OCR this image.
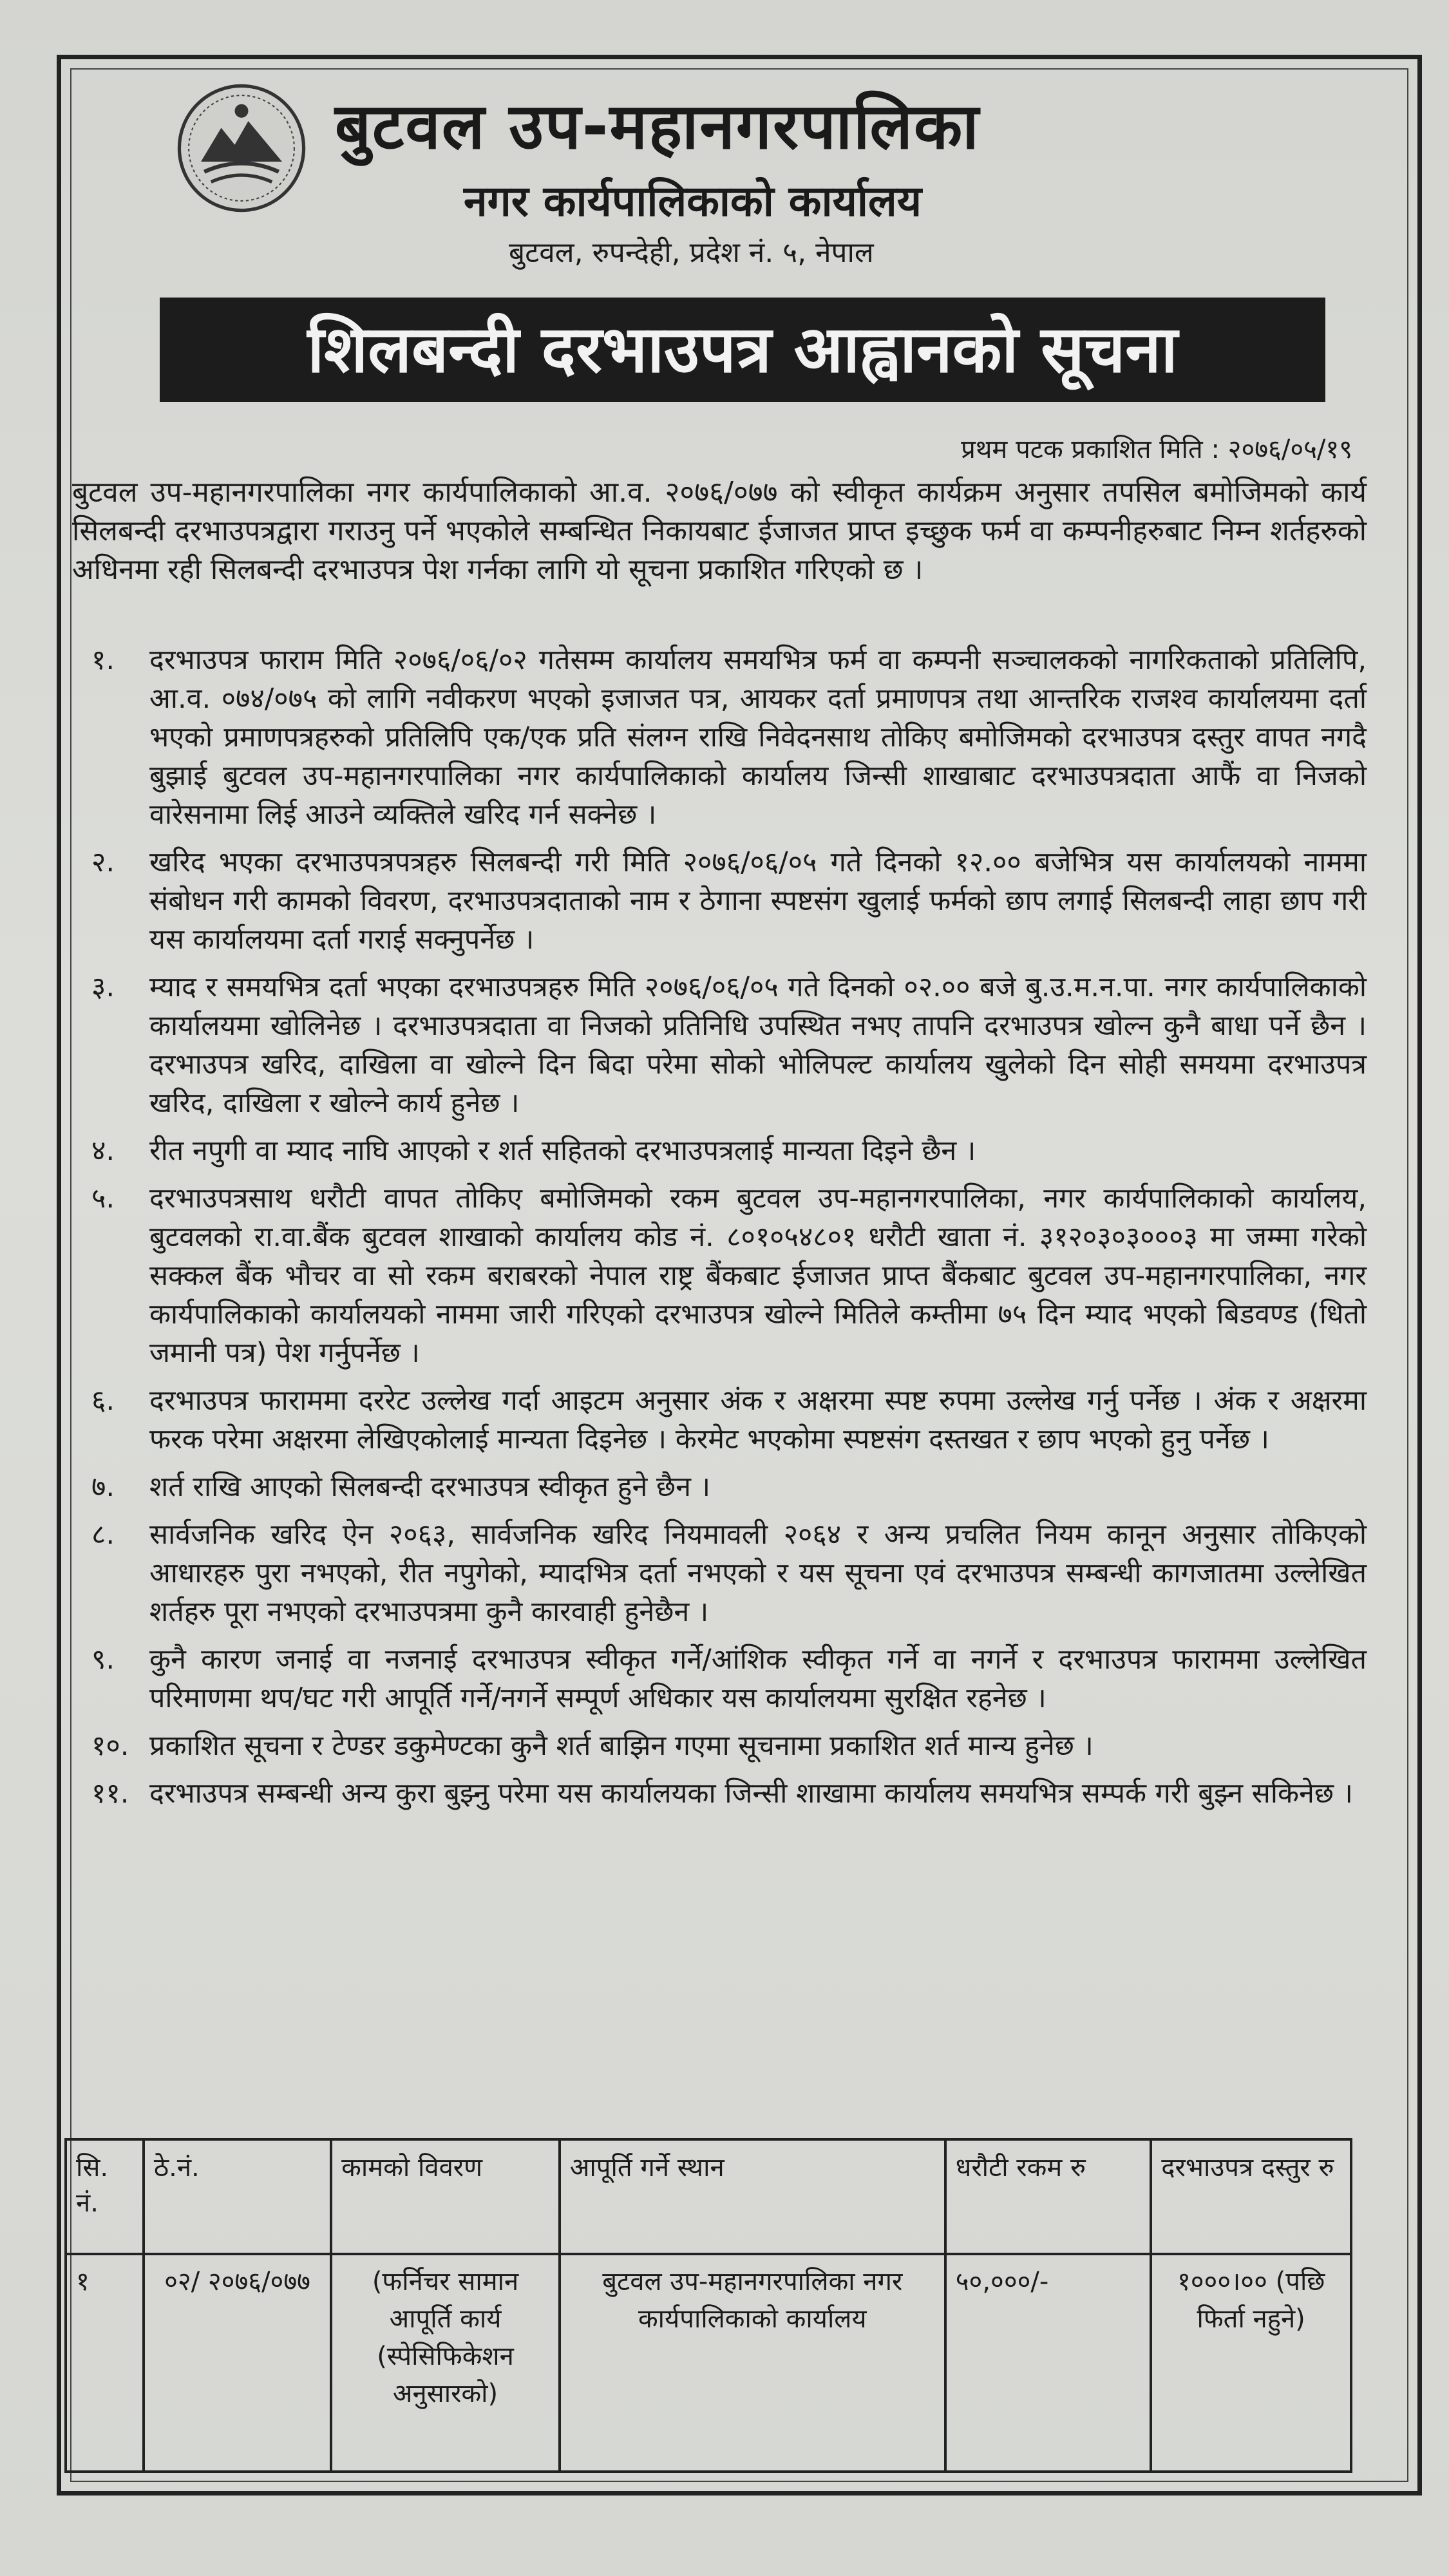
बुटवल उप-महानगरपालिका
नगर कार्यपालिकाको कार्यालय
बुटवल, रुपन्देही, प्रदेश नं. ५, नेपाल
शिलबन्दी दरभाउपत्र आह्वानको सूचना
प्रथम पटक प्रकाशित मिति : २०७६/०५/१९
बुटवल उप-महानगरपालिका नगर कार्यपालिकाको आ.व. २०७६/०७७ को स्वीकृत कार्यक्रम अनुसार तपसिल बमोजिमको कार्य सिलबन्दी दरभाउपत्रद्वारा गराउनु पर्ने भएकोले सम्बन्धित निकायबाट ईजाजत प्राप्त इच्छुक फर्म वा कम्पनीहरुबाट निम्न शर्तहरुको अधिनमा रही सिलबन्दी दरभाउपत्र पेश गर्नका लागि यो सूचना प्रकाशित गरिएको छ ।
१.	दरभाउपत्र फाराम मिति २०७६/०६/०२ गतेसम्म कार्यालय समयभित्र फर्म वा कम्पनी सञ्चालकको नागरिकताको प्रतिलिपि, आ.व. ०७४/०७५ को लागि नवीकरण भएको इजाजत पत्र, आयकर दर्ता प्रमाणपत्र तथा आन्तरिक राजश्व कार्यालयमा दर्ता भएको प्रमाणपत्रहरुको प्रतिलिपि एक/एक प्रति संलग्न राखि निवेदनसाथ तोकिए बमोजिमको दरभाउपत्र दस्तुर वापत नगदै बुझाई बुटवल उप-महानगरपालिका नगर कार्यपालिकाको कार्यालय जिन्सी शाखाबाट दरभाउपत्रदाता आफैं वा निजको वारेसनामा लिई आउने व्यक्तिले खरिद गर्न सक्नेछ ।
२.	खरिद भएका दरभाउपत्रपत्रहरु सिलबन्दी गरी मिति २०७६/०६/०५ गते दिनको १२.०० बजेभित्र यस कार्यालयको नाममा संबोधन गरी कामको विवरण, दरभाउपत्रदाताको नाम र ठेगाना स्पष्टसंग खुलाई फर्मको छाप लगाई सिलबन्दी लाहा छाप गरी यस कार्यालयमा दर्ता गराई सक्नुपर्नेछ ।
३.	म्याद र समयभित्र दर्ता भएका दरभाउपत्रहरु मिति २०७६/०६/०५ गते दिनको ०२.०० बजे बु.उ.म.न.पा. नगर कार्यपालिकाको कार्यालयमा खोलिनेछ । दरभाउपत्रदाता वा निजको प्रतिनिधि उपस्थित नभए तापनि दरभाउपत्र खोल्न कुनै बाधा पर्ने छैन । दरभाउपत्र खरिद, दाखिला वा खोल्ने दिन बिदा परेमा सोको भोलिपल्ट कार्यालय खुलेको दिन सोही समयमा दरभाउपत्र खरिद, दाखिला र खोल्ने कार्य हुनेछ ।
४.	रीत नपुगी वा म्याद नाघि आएको र शर्त सहितको दरभाउपत्रलाई मान्यता दिइने छैन ।
५.	दरभाउपत्रसाथ धरौटी वापत तोकिए बमोजिमको रकम बुटवल उप-महानगरपालिका, नगर कार्यपालिकाको कार्यालय, बुटवलको रा.वा.बैंक बुटवल शाखाको कार्यालय कोड नं. ८०१०५४८०१ धरौटी खाता नं. ३१२०३०३०००३ मा जम्मा गरेको सक्कल बैंक भौचर वा सो रकम बराबरको नेपाल राष्ट्र बैंकबाट ईजाजत प्राप्त बैंकबाट बुटवल उप-महानगरपालिका, नगर कार्यपालिकाको कार्यालयको नाममा जारी गरिएको दरभाउपत्र खोल्ने मितिले कम्तीमा ७५ दिन म्याद भएको बिडवण्ड (धितो जमानी पत्र) पेश गर्नुपर्नेछ ।
६.	दरभाउपत्र फाराममा दररेट उल्लेख गर्दा आइटम अनुसार अंक र अक्षरमा स्पष्ट रुपमा उल्लेख गर्नु पर्नेछ । अंक र अक्षरमा फरक परेमा अक्षरमा लेखिएकोलाई मान्यता दिइनेछ । केरमेट भएकोमा स्पष्टसंग दस्तखत र छाप भएको हुनु पर्नेछ ।
७.	शर्त राखि आएको सिलबन्दी दरभाउपत्र स्वीकृत हुने छैन ।
८.	सार्वजनिक खरिद ऐन २०६३, सार्वजनिक खरिद नियमावली २०६४ र अन्य प्रचलित नियम कानून अनुसार तोकिएको आधारहरु पुरा नभएको, रीत नपुगेको, म्यादभित्र दर्ता नभएको र यस सूचना एवं दरभाउपत्र सम्बन्धी कागजातमा उल्लेखित शर्तहरु पूरा नभएको दरभाउपत्रमा कुनै कारवाही हुनेछैन ।
९.	कुनै कारण जनाई वा नजनाई दरभाउपत्र स्वीकृत गर्ने/आंशिक स्वीकृत गर्ने वा नगर्ने र दरभाउपत्र फाराममा उल्लेखित परिमाणमा थप/घट गरी आपूर्ति गर्ने/नगर्ने सम्पूर्ण अधिकार यस कार्यालयमा सुरक्षित रहनेछ ।
१०. प्रकाशित सूचना र टेण्डर डकुमेण्टका कुनै शर्त बाझिन गएमा सूचनामा प्रकाशित शर्त मान्य हुनेछ ।
११. दरभाउपत्र सम्बन्धी अन्य कुरा बुझ्नु परेमा यस कार्यालयका जिन्सी शाखामा कार्यालय समयभित्र सम्पर्क गरी बुझ्न सकिनेछ ।
सि. नं.	ठे.नं.	कामको विवरण	आपूर्ति गर्ने स्थान	धरौटी रकम रु	दरभाउपत्र दस्तुर रु
१	०२/ २०७६/०७७	(फर्निचर सामान आपूर्ति कार्य (स्पेसिफिकेशन अनुसारको)	बुटवल उप-महानगरपालिका नगर कार्यपालिकाको कार्यालय	५०,०००/-	१०००।०० (पछि फिर्ता नहुने)
